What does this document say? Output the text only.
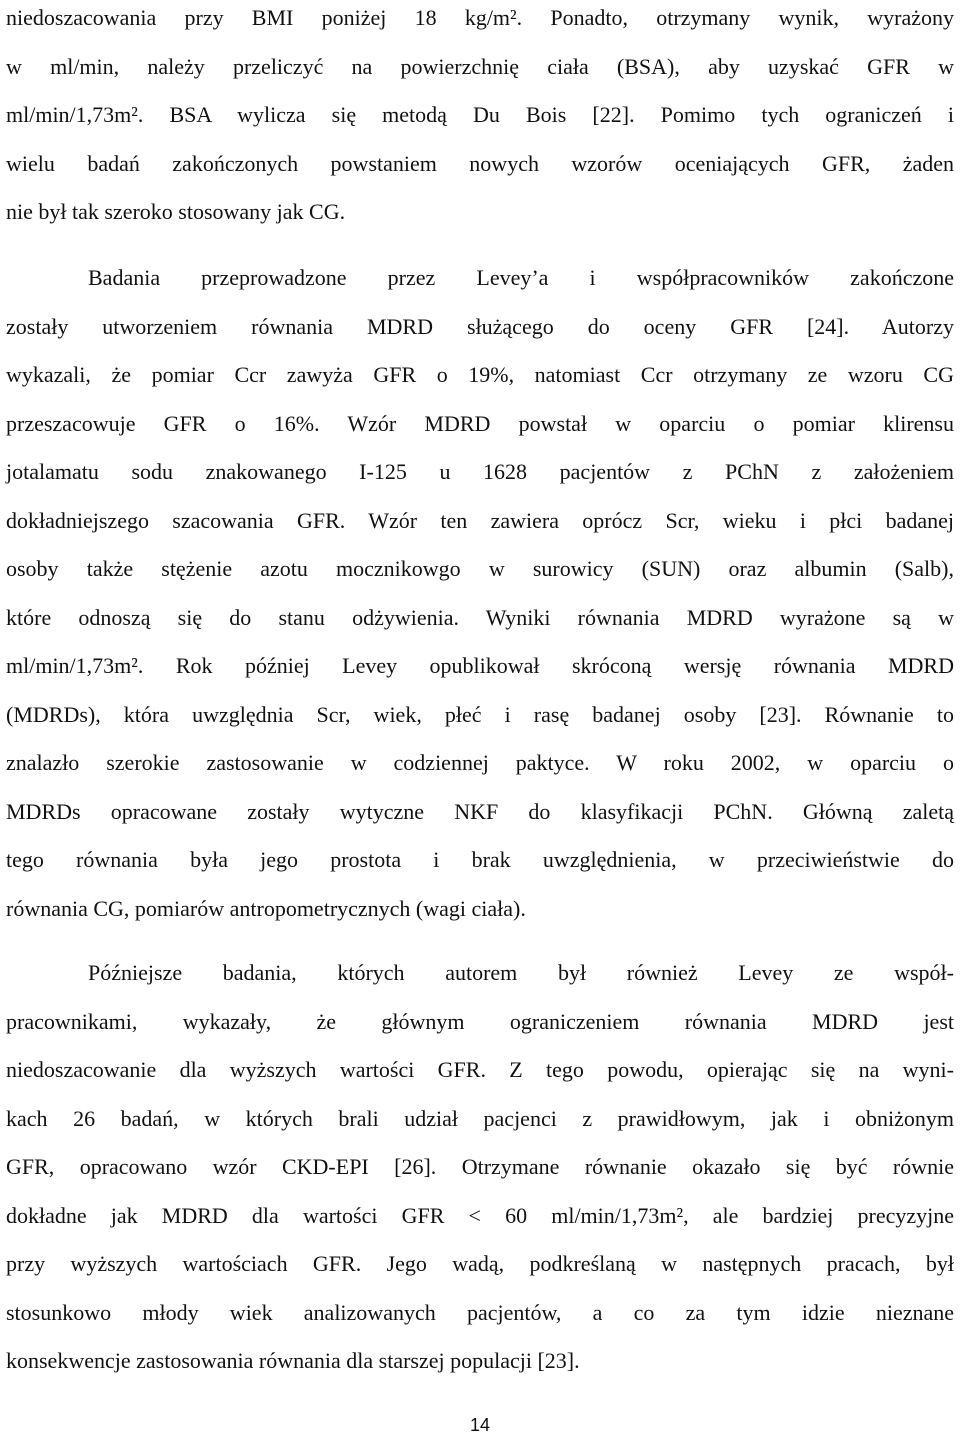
niedoszacowania przy BMI poniżej 18 kg/m². Ponadto, otrzymany wynik, wyrażony
w ml/min, należy przeliczyć na powierzchnię ciała (BSA), aby uzyskać GFR w
ml/min/1,73m². BSA wylicza się metodą Du Bois [22]. Pomimo tych ograniczeń i
wielu badań zakończonych powstaniem nowych wzorów oceniających GFR, żaden
nie był tak szeroko stosowany jak CG.
Badania przeprowadzone przez Levey’a i współpracowników zakończone
zostały utworzeniem równania MDRD służącego do oceny GFR [24]. Autorzy
wykazali, że pomiar Ccr zawyża GFR o 19%, natomiast Ccr otrzymany ze wzoru CG
przeszacowuje GFR o 16%. Wzór MDRD powstał w oparciu o pomiar klirensu
jotalamatu sodu znakowanego I-125 u 1628 pacjentów z PChN z założeniem
dokładniejszego szacowania GFR. Wzór ten zawiera oprócz Scr, wieku i płci badanej
osoby także stężenie azotu mocznikowgo w surowicy (SUN) oraz albumin (Salb),
które odnoszą się do stanu odżywienia. Wyniki równania MDRD wyrażone są w
ml/min/1,73m². Rok później Levey opublikował skróconą wersję równania MDRD
(MDRDs), która uwzględnia Scr, wiek, płeć i rasę badanej osoby [23]. Równanie to
znalazło szerokie zastosowanie w codziennej paktyce. W roku 2002, w oparciu o
MDRDs opracowane zostały wytyczne NKF do klasyfikacji PChN. Główną zaletą
tego równania była jego prostota i brak uwzględnienia, w przeciwieństwie do
równania CG, pomiarów antropometrycznych (wagi ciała).
Późniejsze badania, których autorem był również Levey ze współ-
pracownikami, wykazały, że głównym ograniczeniem równania MDRD jest
niedoszacowanie dla wyższych wartości GFR. Z tego powodu, opierając się na wyni-
kach 26 badań, w których brali udział pacjenci z prawidłowym, jak i obniżonym
GFR, opracowano wzór CKD-EPI [26]. Otrzymane równanie okazało się być równie
dokładne jak MDRD dla wartości GFR < 60 ml/min/1,73m², ale bardziej precyzyjne
przy wyższych wartościach GFR. Jego wadą, podkreślaną w następnych pracach, był
stosunkowo młody wiek analizowanych pacjentów, a co za tym idzie nieznane
konsekwencje zastosowania równania dla starszej populacji [23].
14
